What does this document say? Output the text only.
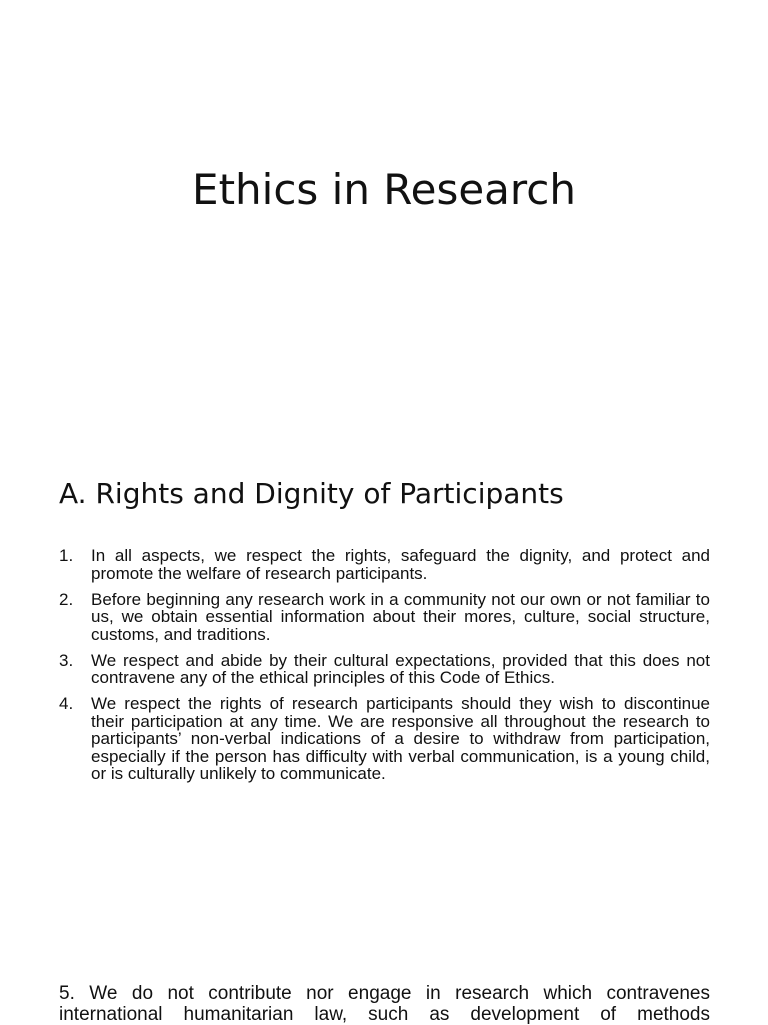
Ethics in Research
A. Rights and Dignity of Participants
1.	In all aspects, we respect the rights, safeguard the dignity, and protect and promote the welfare of research participants.
2.	Before beginning any research work in a community not our own or not familiar to us, we obtain essential information about their mores, culture, social structure, customs, and traditions.
3.	We respect and abide by their cultural expectations, provided that this does not contravene any of the ethical principles of this Code of Ethics.
4.	We respect the rights of research participants should they wish to discontinue their participation at any time. We are responsive all throughout the research to participants’ non-verbal indications of a desire to withdraw from participation, especially if the person has difficulty with verbal communication, is a young child, or is culturally unlikely to communicate.

5. We do not contribute nor engage in research which contravenes
international humanitarian law, such as development of methods
